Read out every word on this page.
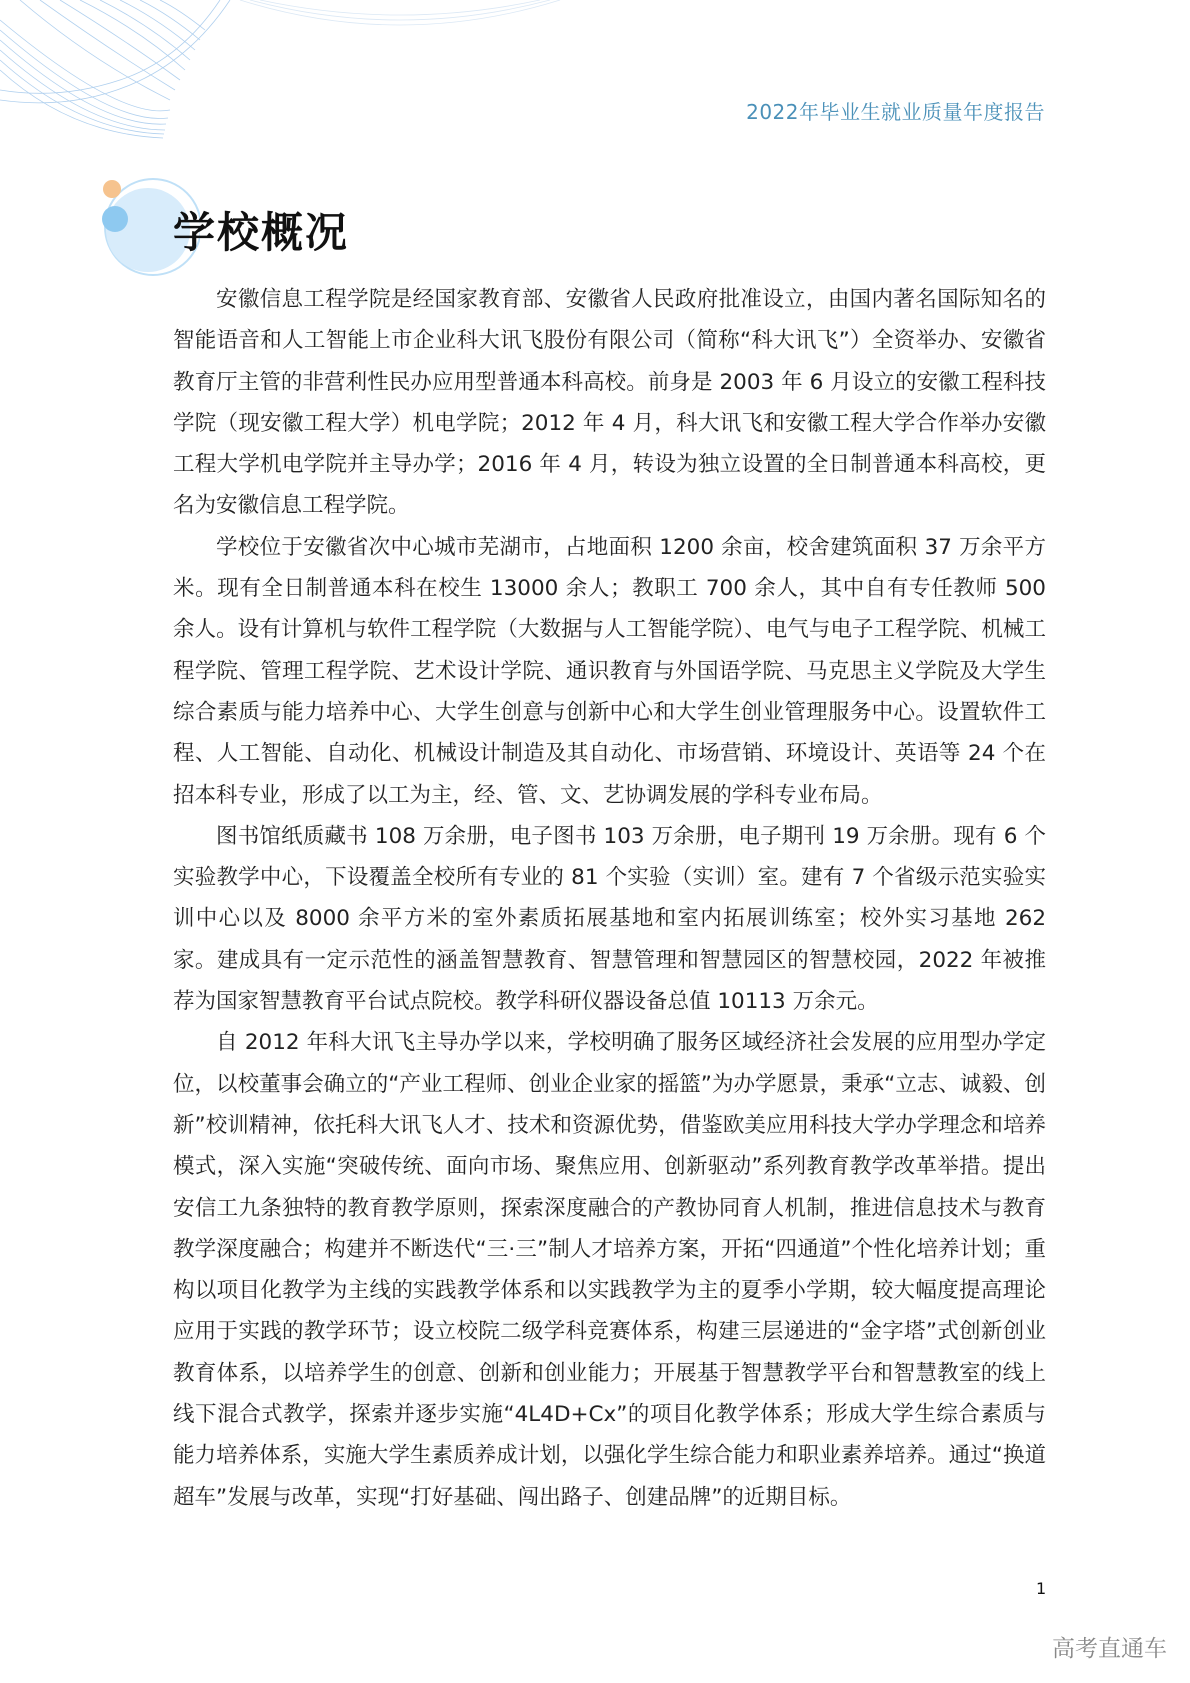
2022年毕业生就业质量年度报告
学校概况

安徽信息工程学院是经国家教育部、安徽省人民政府批准设立，由国内著名国际知名的智能语音和人工智能上市企业科大讯飞股份有限公司（简称“科大讯飞”）全资举办、安徽省教育厅主管的非营利性民办应用型普通本科高校。前身是 2003 年 6 月设立的安徽工程科技学院（现安徽工程大学）机电学院；2012 年 4 月，科大讯飞和安徽工程大学合作举办安徽工程大学机电学院并主导办学；2016 年 4 月，转设为独立设置的全日制普通本科高校，更名为安徽信息工程学院。

学校位于安徽省次中心城市芜湖市，占地面积 1200 余亩，校舍建筑面积 37 万余平方米。现有全日制普通本科在校生 13000 余人；教职工 700 余人，其中自有专任教师 500 余人。设有计算机与软件工程学院（大数据与人工智能学院）、电气与电子工程学院、机械工程学院、管理工程学院、艺术设计学院、通识教育与外国语学院、马克思主义学院及大学生综合素质与能力培养中心、大学生创意与创新中心和大学生创业管理服务中心。设置软件工程、人工智能、自动化、机械设计制造及其自动化、市场营销、环境设计、英语等 24 个在招本科专业，形成了以工为主，经、管、文、艺协调发展的学科专业布局。

图书馆纸质藏书 108 万余册，电子图书 103 万余册，电子期刊 19 万余册。现有 6 个实验教学中心，下设覆盖全校所有专业的 81 个实验（实训）室。建有 7 个省级示范实验实训中心以及 8000 余平方米的室外素质拓展基地和室内拓展训练室；校外实习基地 262 家。建成具有一定示范性的涵盖智慧教育、智慧管理和智慧园区的智慧校园，2022 年被推荐为国家智慧教育平台试点院校。教学科研仪器设备总值 10113 万余元。

自 2012 年科大讯飞主导办学以来，学校明确了服务区域经济社会发展的应用型办学定位，以校董事会确立的“产业工程师、创业企业家的摇篮”为办学愿景，秉承“立志、诚毅、创新”校训精神，依托科大讯飞人才、技术和资源优势，借鉴欧美应用科技大学办学理念和培养模式，深入实施“突破传统、面向市场、聚焦应用、创新驱动”系列教育教学改革举措。提出安信工九条独特的教育教学原则，探索深度融合的产教协同育人机制，推进信息技术与教育教学深度融合；构建并不断迭代“三·三”制人才培养方案，开拓“四通道”个性化培养计划；重构以项目化教学为主线的实践教学体系和以实践教学为主的夏季小学期，较大幅度提高理论应用于实践的教学环节；设立校院二级学科竞赛体系，构建三层递进的“金字塔”式创新创业教育体系，以培养学生的创意、创新和创业能力；开展基于智慧教学平台和智慧教室的线上线下混合式教学，探索并逐步实施“4L4D+Cx”的项目化教学体系；形成大学生综合素质与能力培养体系，实施大学生素质养成计划，以强化学生综合能力和职业素养培养。通过“换道超车”发展与改革，实现“打好基础、闯出路子、创建品牌”的近期目标。

1
高考直通车
